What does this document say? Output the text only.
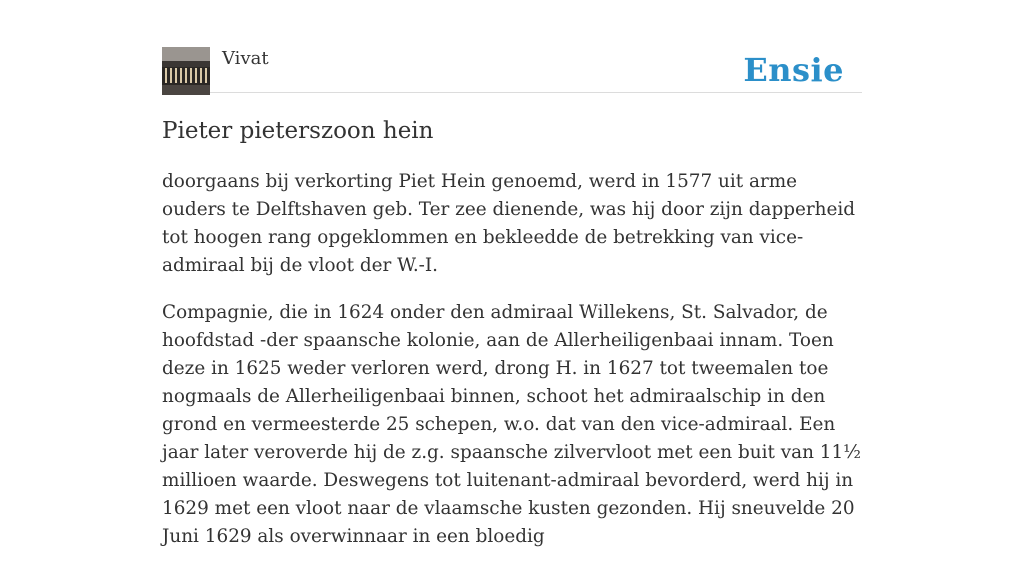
Vivat	Ensie
Pieter pieterszoon hein

doorgaans bij verkorting Piet Hein genoemd, werd in 1577 uit arme ouders te Delftshaven geb. Ter zee dienende, was hij door zijn dapperheid tot hoogen rang opgeklommen en bekleedde de betrekking van vice-admiraal bij de vloot der W.-I.

Compagnie, die in 1624 onder den admiraal Willekens, St. Salvador, de hoofdstad -der spaansche kolonie, aan de Allerheiligenbaai innam. Toen deze in 1625 weder verloren werd, drong H. in 1627 tot tweemalen toe nogmaals de Allerheiligenbaai binnen, schoot het admiraalschip in den grond en vermeesterde 25 schepen, w.o. dat van den vice-admiraal. Een jaar later veroverde hij de z.g. spaansche zilvervloot met een buit van 11½ millioen waarde. Deswegens tot luitenant-admiraal bevorderd, werd hij in 1629 met een vloot naar de vlaamsche kusten gezonden. Hij sneuvelde 20 Juni 1629 als overwinnaar in een bloedig
